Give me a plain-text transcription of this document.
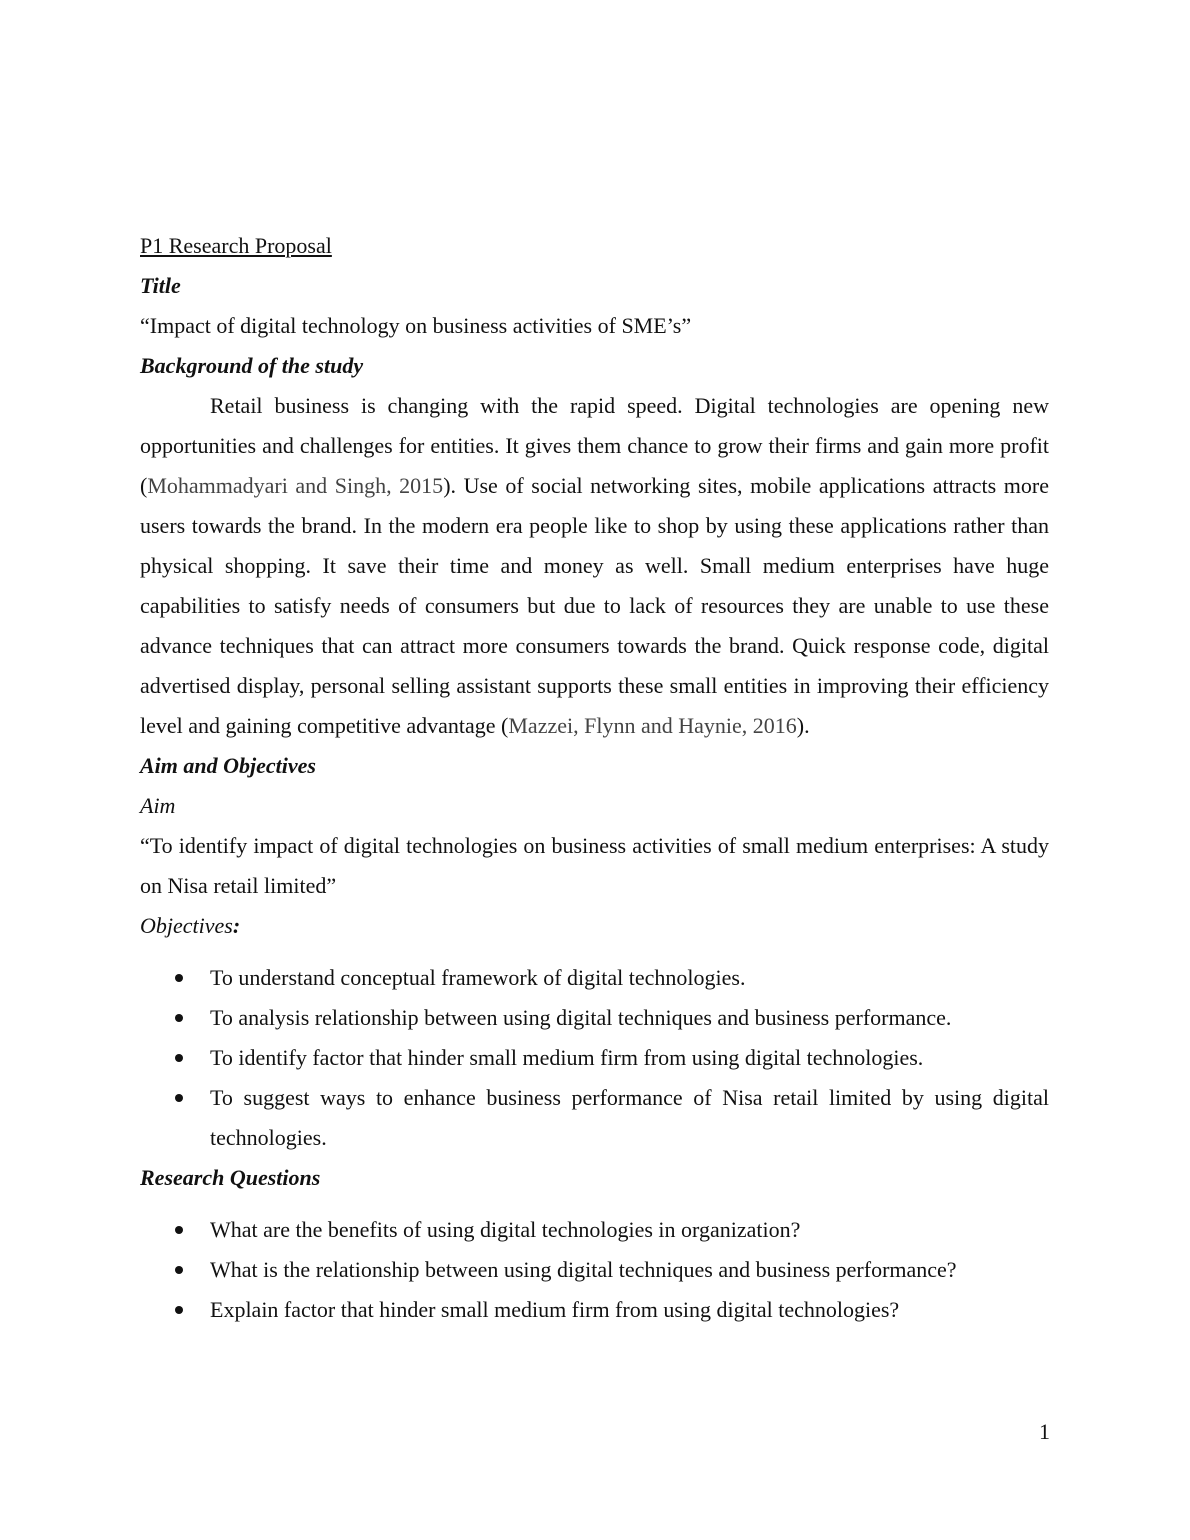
P1 Research Proposal
Title

“Impact of digital technology on business activities of SME’s”

Background of the study

Retail business is changing with the rapid speed. Digital technologies are opening new opportunities and challenges for entities. It gives them chance to grow their firms and gain more profit (Mohammadyari and Singh, 2015). Use of social networking sites, mobile applications attracts more users towards the brand. In the modern era people like to shop by using these applications rather than physical shopping. It save their time and money as well. Small medium enterprises have huge capabilities to satisfy needs of consumers but due to lack of resources they are unable to use these advance techniques that can attract more consumers towards the brand. Quick response code, digital advertised display, personal selling assistant supports these small entities in improving their efficiency level and gaining competitive advantage (Mazzei, Flynn and Haynie, 2016).

Aim and Objectives
Aim

“To identify impact of digital technologies on business activities of small medium enterprises: A study on Nisa retail limited”

Objectives:
To understand conceptual framework of digital technologies.
To analysis relationship between using digital techniques and business performance.
To identify factor that hinder small medium firm from using digital technologies.
To suggest ways to enhance business performance of Nisa retail limited by using digital technologies.
Research Questions
What are the benefits of using digital technologies in organization?
What is the relationship between using digital techniques and business performance?
Explain factor that hinder small medium firm from using digital technologies?
1
